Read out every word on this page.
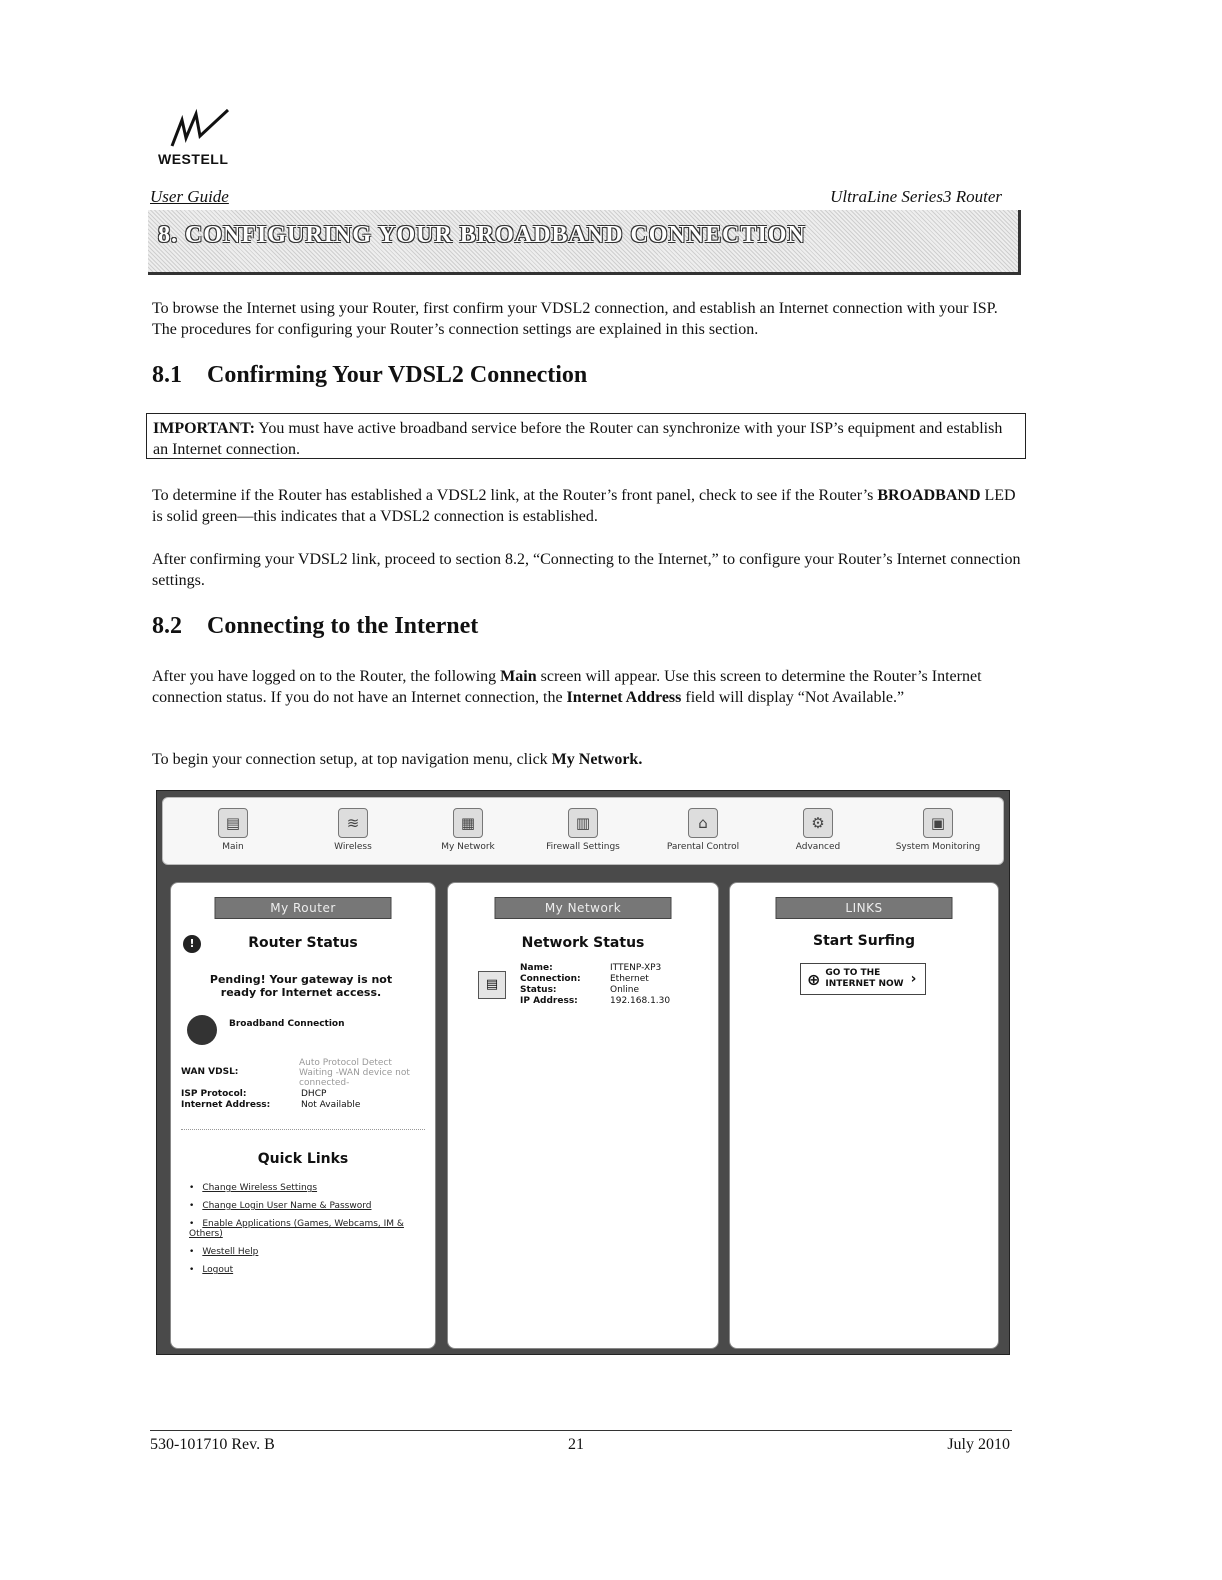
WESTELL
User Guide	UltraLine Series3 Router
8. CONFIGURING YOUR BROADBAND CONNECTION
To browse the Internet using your Router, first confirm your VDSL2 connection, and establish an Internet connection with your ISP. The procedures for configuring your Router’s connection settings are explained in this section.
8.1 Confirming Your VDSL2 Connection
IMPORTANT: You must have active broadband service before the Router can synchronize with your ISP’s equipment and establish an Internet connection.
To determine if the Router has established a VDSL2 link, at the Router’s front panel, check to see if the Router’s BROADBAND LED is solid green—this indicates that a VDSL2 connection is established.
After confirming your VDSL2 link, proceed to section 8.2, “Connecting to the Internet,” to configure your Router’s Internet connection settings.
8.2 Connecting to the Internet
After you have logged on to the Router, the following Main screen will appear. Use this screen to determine the Router’s Internet connection status. If you do not have an Internet connection, the Internet Address field will display “Not Available.”
To begin your connection setup, at top navigation menu, click My Network.
▤
Main
≋
Wireless
▦
My Network
▥
Firewall Settings
⌂
Parental Control
⚙
Advanced
▣
System Monitoring
My Router
!	Router Status
Pending! Your gateway is not ready for Internet access.
Broadband Connection
WAN VDSL:
Auto Protocol Detect Waiting -WAN device not connected-
ISP Protocol:	DHCP
Internet Address:	Not Available
Quick Links
• Change Wireless Settings
• Change Login User Name & Password
• Enable Applications (Games, Webcams, IM & Others)
• Westell Help
• Logout
My Network
Network Status
▤
Name:	ITTENP-XP3
Connection:	Ethernet
Status:	Online
IP Address:	192.168.1.30
LINKS
Start Surfing
⊕ GO TO THE
INTERNET NOW ›
530-101710 Rev. B	21	July 2010
